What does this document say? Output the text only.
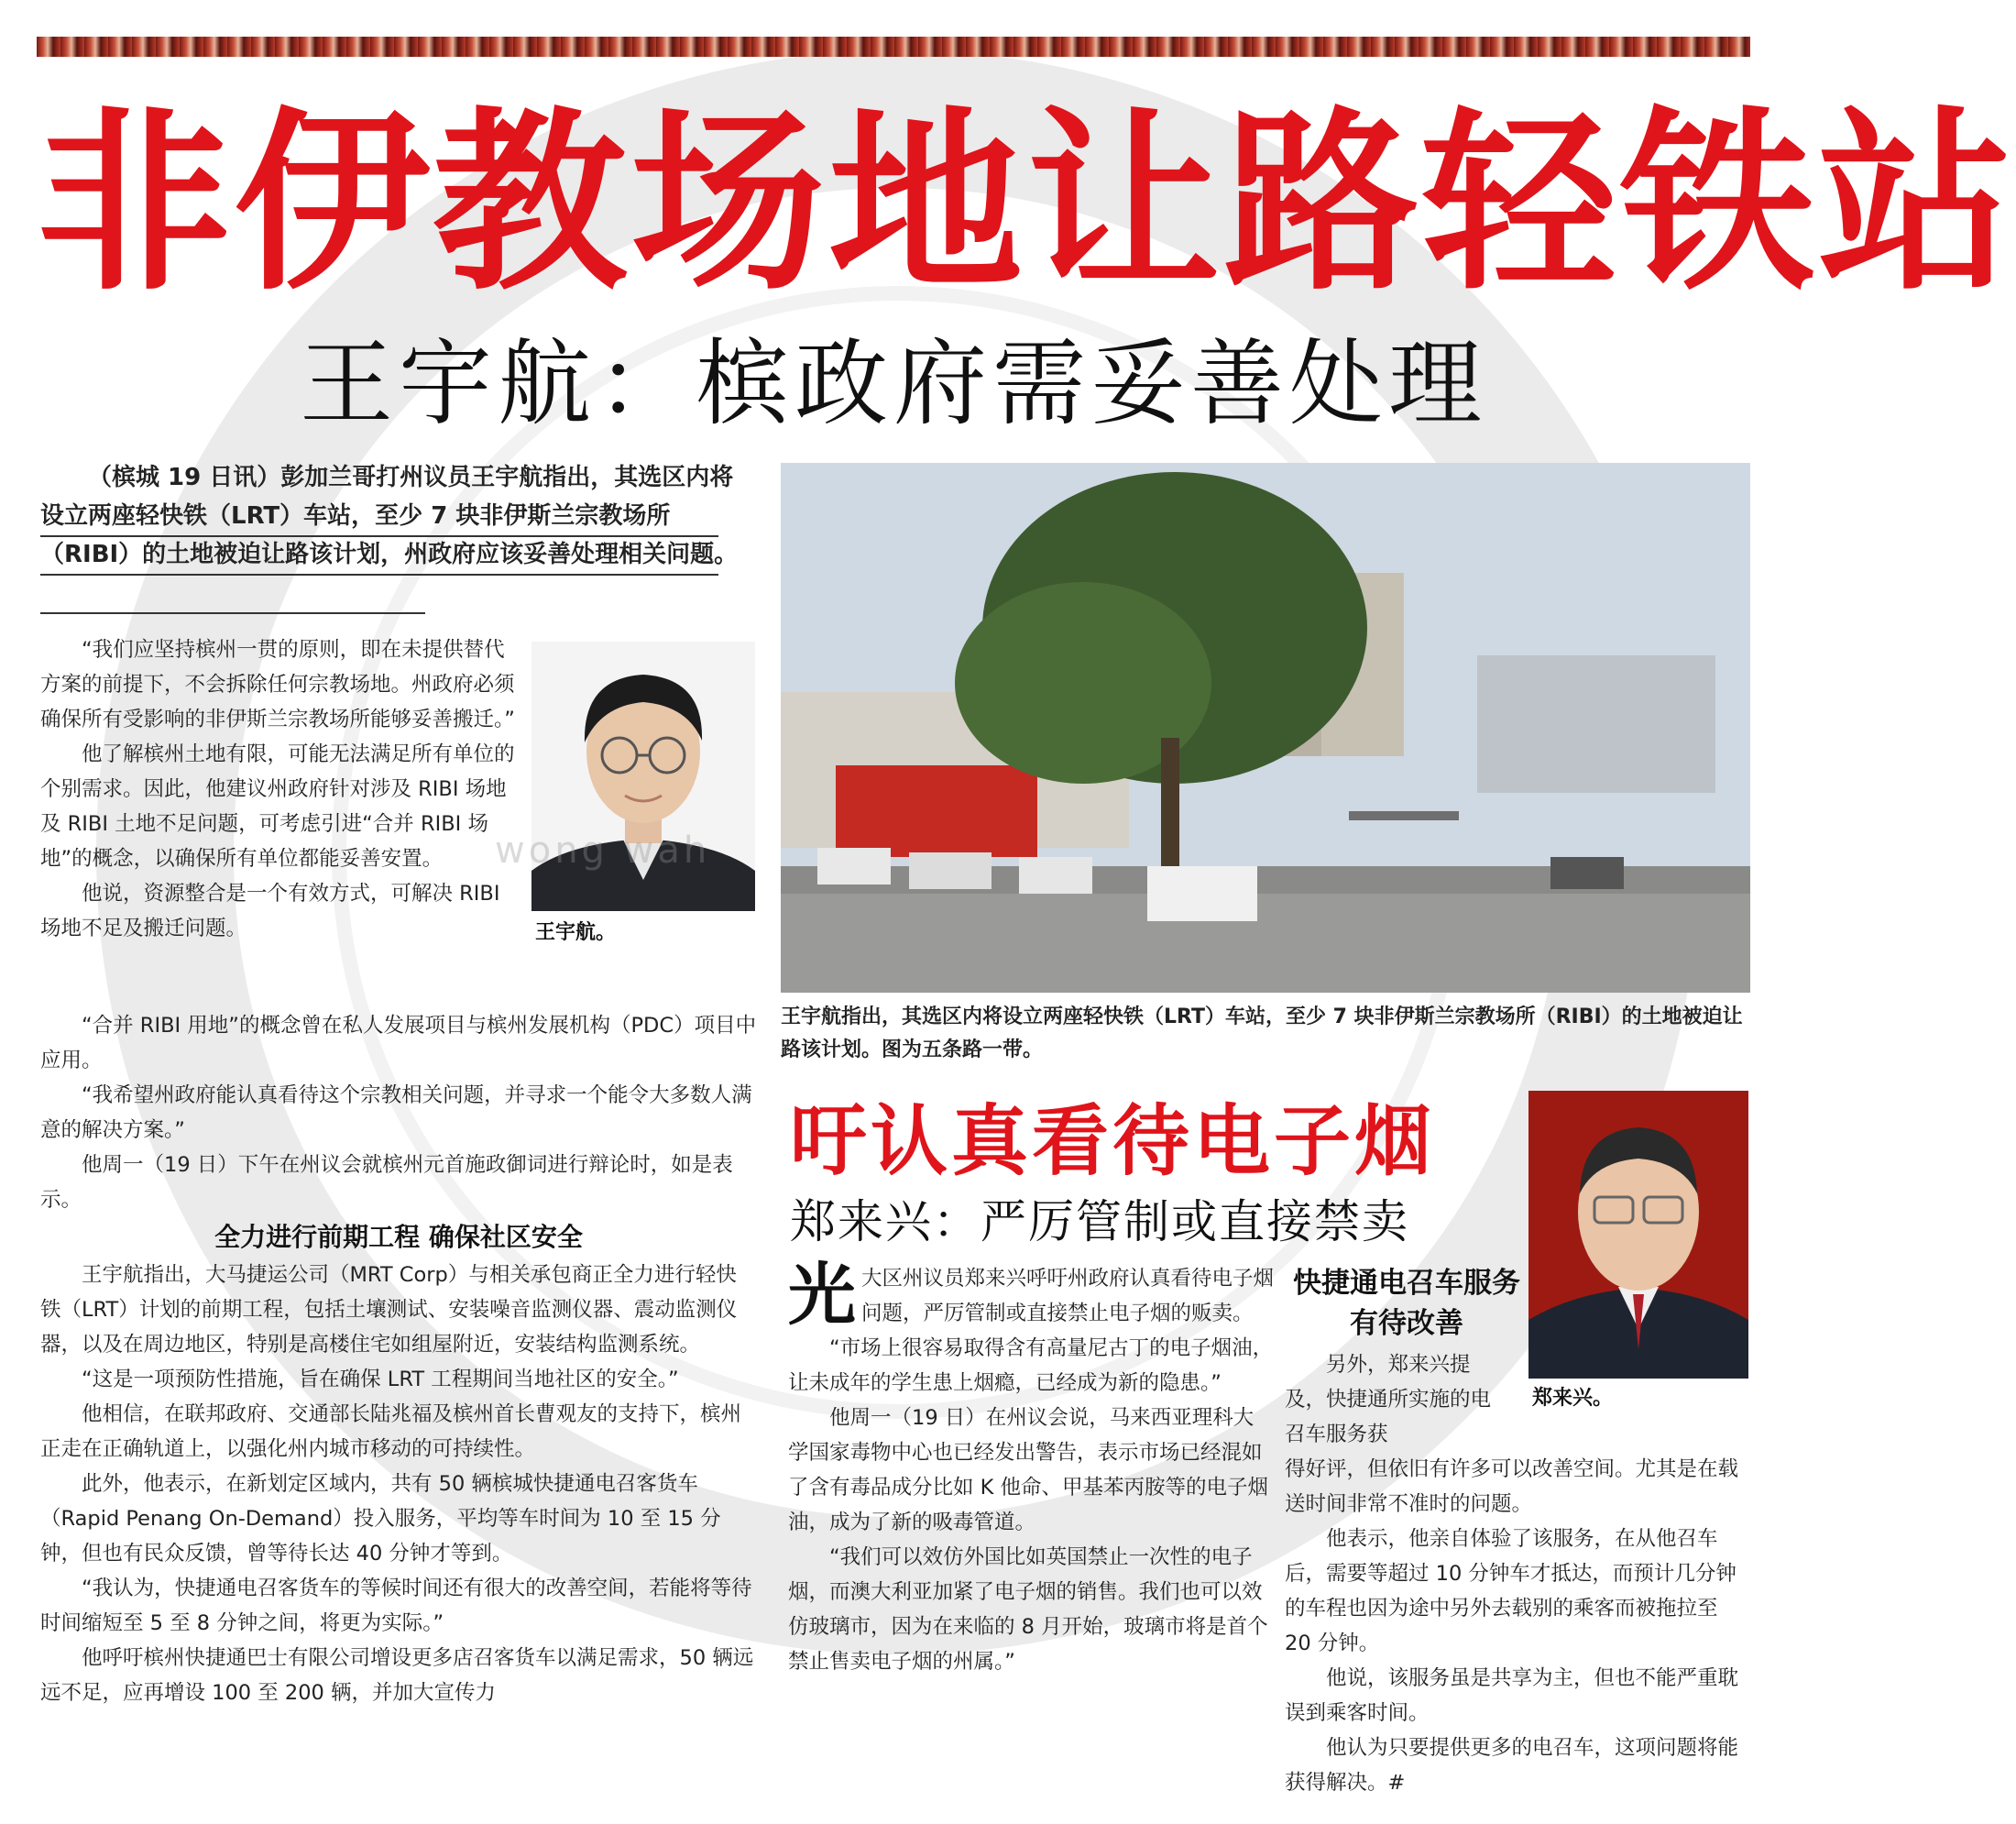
非伊教场地让路轻铁站
王宇航：槟政府需妥善处理
（槟城 19 日讯）彭加兰哥打州议员王宇航指出，其选区内将设立两座轻快铁（LRT）车站，至少 7 块非伊斯兰宗教场所（RIBI）的土地被迫让路该计划，州政府应该妥善处理相关问题。

“我们应坚持槟州一贯的原则，即在未提供替代方案的前提下，不会拆除任何宗教场地。州政府必须确保所有受影响的非伊斯兰宗教场所能够妥善搬迁。”

他了解槟州土地有限，可能无法满足所有单位的个别需求。因此，他建议州政府针对涉及 RIBI 场地及 RIBI 土地不足问题，可考虑引进“合并 RIBI 场地”的概念，以确保所有单位都能妥善安置。

他说，资源整合是一个有效方式，可解决 RIBI 场地不足及搬迁问题。	王宇航。

“合并 RIBI 用地”的概念曾在私人发展项目与槟州发展机构（PDC）项目中应用。

“我希望州政府能认真看待这个宗教相关问题，并寻求一个能令大多数人满意的解决方案。”

他周一（19 日）下午在州议会就槟州元首施政御词进行辩论时，如是表示。

全力进行前期工程 确保社区安全

王宇航指出，大马捷运公司（MRT Corp）与相关承包商正全力进行轻快铁（LRT）计划的前期工程，包括土壤测试、安装噪音监测仪器、震动监测仪器，以及在周边地区，特别是高楼住宅如组屋附近，安装结构监测系统。

“这是一项预防性措施，旨在确保 LRT 工程期间当地社区的安全。”

他相信，在联邦政府、交通部长陆兆福及槟州首长曹观友的支持下，槟州正走在正确轨道上，以强化州内城市移动的可持续性。

此外，他表示，在新划定区域内，共有 50 辆槟城快捷通电召客货车（Rapid Penang On-Demand）投入服务，平均等车时间为 10 至 15 分钟，但也有民众反馈，曾等待长达 40 分钟才等到。

“我认为，快捷通电召客货车的等候时间还有很大的改善空间，若能将等待时间缩短至 5 至 8 分钟之间，将更为实际。”

他呼吁槟州快捷通巴士有限公司增设更多店召客货车以满足需求，50 辆远远不足，应再增设 100 至 200 辆，并加大宣传力

王宇航指出，其选区内将设立两座轻快铁（LRT）车站，至少 7 块非伊斯兰宗教场所（RIBI）的土地被迫让路该计划。图为五条路一带。
吁认真看待电子烟
郑来兴：严厉管制或直接禁卖

光大区州议员郑来兴呼吁州政府认真看待电子烟问题，严厉管制或直接禁止电子烟的贩卖。

“市场上很容易取得含有高量尼古丁的电子烟油，让未成年的学生患上烟瘾，已经成为新的隐患。”

他周一（19 日）在州议会说，马来西亚理科大学国家毒物中心也已经发出警告，表示市场已经混如了含有毒品成分比如 K 他命、甲基苯丙胺等的电子烟油，成为了新的吸毒管道。

“我们可以效仿外国比如英国禁止一次性的电子烟，而澳大利亚加紧了电子烟的销售。我们也可以效仿玻璃市，因为在来临的 8 月开始，玻璃市将是首个禁止售卖电子烟的州属。”

快捷通电召车服务有待改善
郑来兴。

另外，郑来兴提及，快捷通所实施的电召车服务获

得好评，但依旧有许多可以改善空间。尤其是在载送时间非常不准时的问题。

他表示，他亲自体验了该服务，在从他召车后，需要等超过 10 分钟车才抵达，而预计几分钟的车程也因为途中另外去载别的乘客而被拖拉至 20 分钟。

他说，该服务虽是共享为主，但也不能严重耽误到乘客时间。

他认为只要提供更多的电召车，这项问题将能获得解决。#

wong wah
